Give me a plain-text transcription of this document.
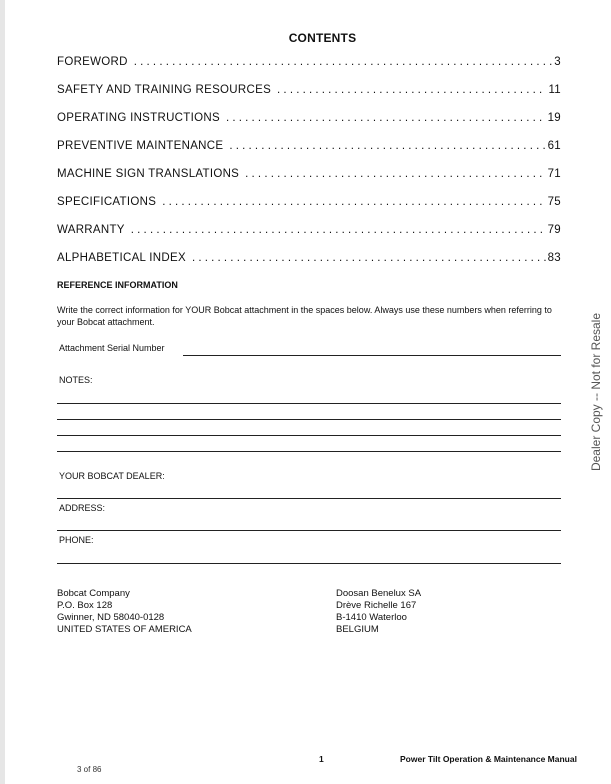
CONTENTS
FOREWORD . . .	3
SAFETY AND TRAINING RESOURCES . . .	11
OPERATING INSTRUCTIONS . . .	19
PREVENTIVE MAINTENANCE . . .	61
MACHINE SIGN TRANSLATIONS . . .	71
SPECIFICATIONS . . .	75
WARRANTY . . .	79
ALPHABETICAL INDEX . . .	83
REFERENCE INFORMATION
Write the correct information for YOUR Bobcat attachment in the spaces below. Always use these numbers when referring to your Bobcat attachment.
Attachment Serial Number
NOTES:
YOUR BOBCAT DEALER:
ADDRESS:
PHONE:
Bobcat Company
P.O. Box 128
Gwinner, ND 58040-0128
UNITED STATES OF AMERICA
Doosan Benelux SA
Drève Richelle 167
B-1410 Waterloo
BELGIUM
Dealer Copy -- Not for Resale
1	Power Tilt Operation & Maintenance Manual
3 of 86
